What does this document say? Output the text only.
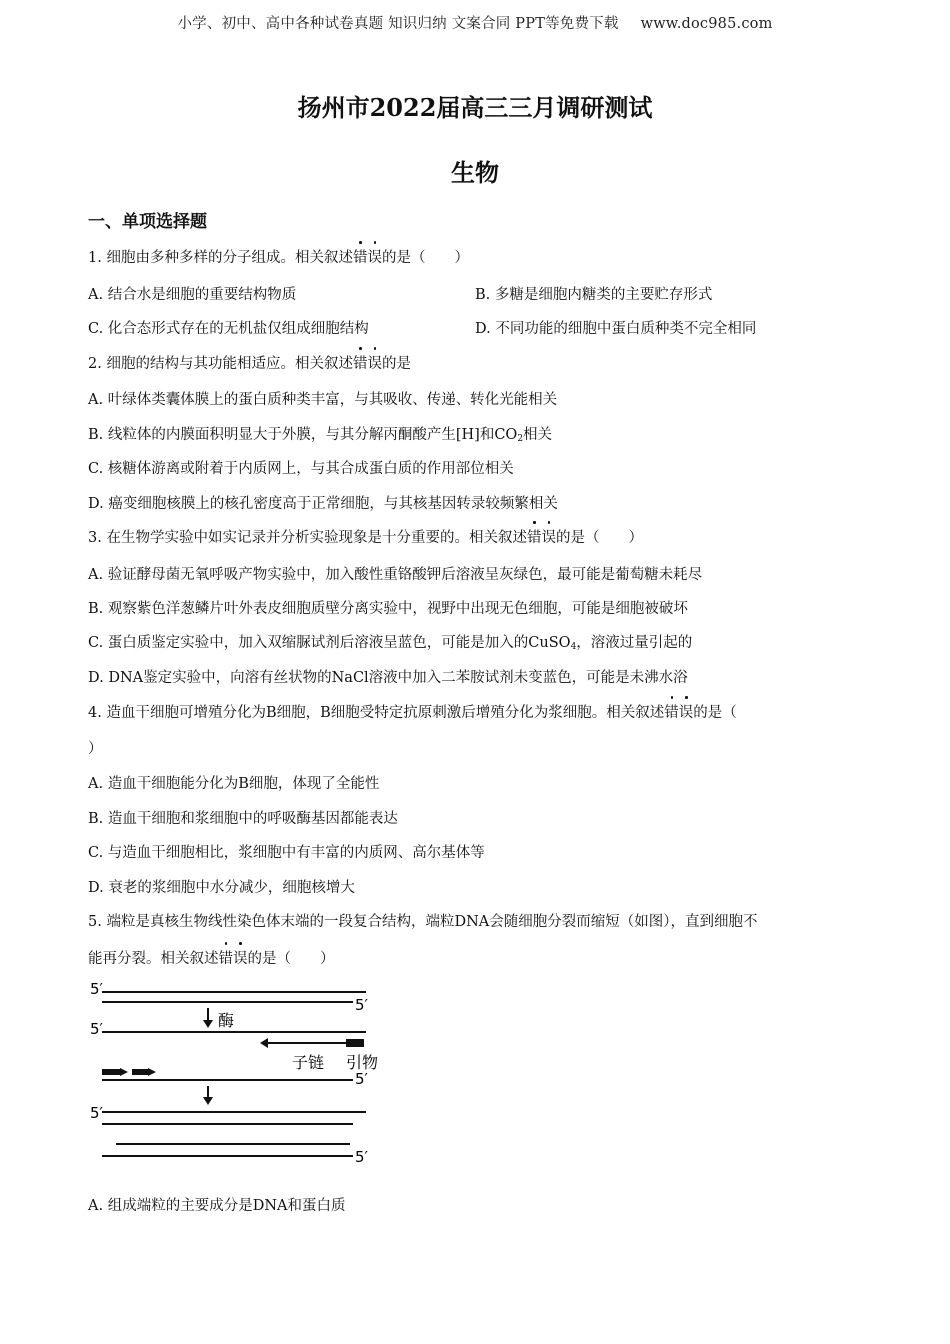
小学、初中、高中各种试卷真题 知识归纳 文案合同 PPT等免费下载 www.doc985.com
扬州市2022届高三三月调研测试
生物
一、单项选择题
1. 细胞由多种多样的分子组成。相关叙述错误的是（　　）
A. 结合水是细胞的重要结构物质	B. 多糖是细胞内糖类的主要贮存形式
C. 化合态形式存在的无机盐仅组成细胞结构	D. 不同功能的细胞中蛋白质种类不完全相同
2. 细胞的结构与其功能相适应。相关叙述错误的是
A. 叶绿体类囊体膜上的蛋白质种类丰富，与其吸收、传递、转化光能相关
B. 线粒体的内膜面积明显大于外膜，与其分解丙酮酸产生[H]和$CO_2$相关
C. 核糖体游离或附着于内质网上，与其合成蛋白质的作用部位相关
D. 癌变细胞核膜上的核孔密度高于正常细胞，与其核基因转录较频繁相关
3. 在生物学实验中如实记录并分析实验现象是十分重要的。相关叙述错误的是（　　）
A. 验证酵母菌无氧呼吸产物实验中，加入酸性重铬酸钾后溶液呈灰绿色，最可能是葡萄糖未耗尽
B. 观察紫色洋葱鳞片叶外表皮细胞质壁分离实验中，视野中出现无色细胞，可能是细胞被破坏
C. 蛋白质鉴定实验中，加入双缩脲试剂后溶液呈蓝色，可能是加入的CuSO$_4$，溶液过量引起的
D. DNA鉴定实验中，向溶有丝状物的NaCl溶液中加入二苯胺试剂未变蓝色，可能是未沸水浴
4. 造血干细胞可增殖分化为B细胞，B细胞受特定抗原刺激后增殖分化为浆细胞。相关叙述错误的是（
）
A. 造血干细胞能分化为B细胞，体现了全能性
B. 造血干细胞和浆细胞中的呼吸酶基因都能表达
C. 与造血干细胞相比，浆细胞中有丰富的内质网、高尔基体等
D. 衰老的浆细胞中水分减少，细胞核增大
5. 端粒是真核生物线性染色体末端的一段复合结构，端粒DNA会随细胞分裂而缩短（如图），直到细胞不
能再分裂。相关叙述错误的是（　　）
5′
5′
酶
5′
子链 引物
5′
5′
5′
A. 组成端粒的主要成分是DNA和蛋白质
